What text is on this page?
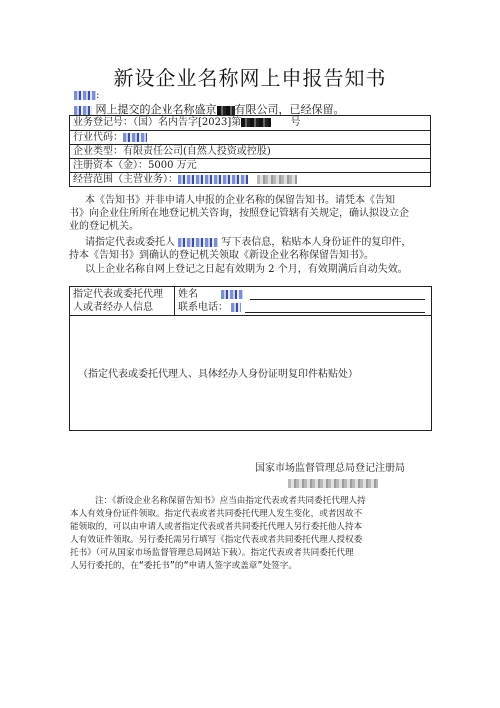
新设企业名称网上申报告知书
:
网上提交的企业名称盛京 有限公司，已经保留。
业务登记号：（国）名内告字[2023]第	号
行业代码：
企业类型：有限责任公司(自然人投资或控股)
注册资本（金）：5000 万元
经营范围（主营业务）：
本《告知书》并非申请人申报的企业名称的保留告知书。请凭本《告知
书》向企业住所所在地登记机关咨询，按照登记管辖有关规定，确认拟设立企
业的登记机关。
请指定代表或委托人	写下表信息，粘贴本人身份证件的复印件，
持本《告知书》到确认的登记机关领取《新设企业名称保留告知书》。
以上企业名称自网上登记之日起有效期为 2 个月，有效期满后自动失效。
指定代表或委托代理
人或者经办人信息
姓名
联系电话：
（指定代表或委托代理人、具体经办人身份证明复印件粘贴处）
国家市场监督管理总局登记注册局
注：《新设企业名称保留告知书》应当由指定代表或者共同委托代理人持
本人有效身份证件领取。指定代表或者共同委托代理人发生变化，或者因故不
能领取的，可以由申请人或者指定代表或者共同委托代理人另行委托他人持本
人有效证件领取。另行委托需另行填写《指定代表或者共同委托代理人授权委
托书》（可从国家市场监督管理总局网站下载）。指定代表或者共同委托代理
人另行委托的，在“委托书”的“申请人签字或盖章”处签字。
